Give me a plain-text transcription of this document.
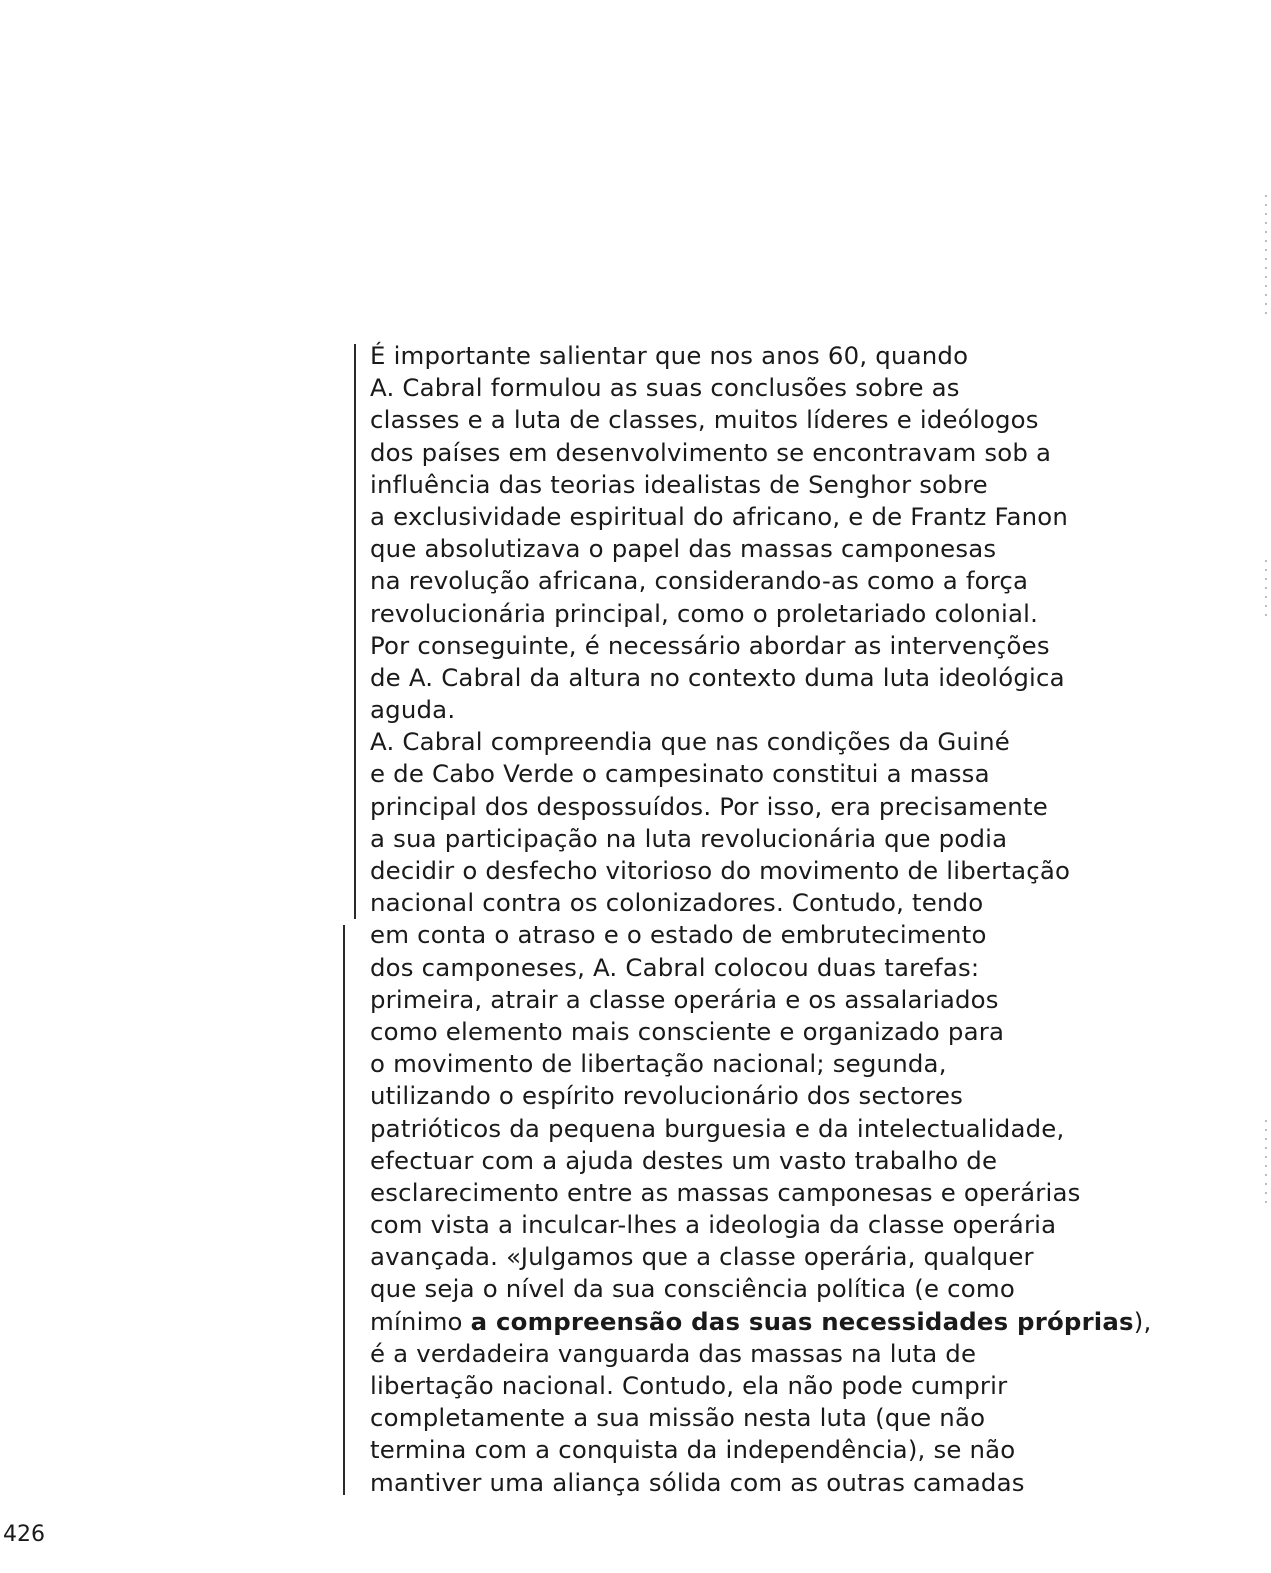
É importante salientar que nos anos 60, quando
A. Cabral formulou as suas conclusões sobre as
classes e a luta de classes, muitos líderes e ideólogos
dos países em desenvolvimento se encontravam sob a
influência das teorias idealistas de Senghor sobre
a exclusividade espiritual do africano, e de Frantz Fanon
que absolutizava o papel das massas camponesas
na revolução africana, considerando-as como a força
revolucionária principal, como o proletariado colonial.
Por conseguinte, é necessário abordar as intervenções
de A. Cabral da altura no contexto duma luta ideológica
aguda.
A. Cabral compreendia que nas condições da Guiné
e de Cabo Verde o campesinato constitui a massa
principal dos despossuídos. Por isso, era precisamente
a sua participação na luta revolucionária que podia
decidir o desfecho vitorioso do movimento de libertação
nacional contra os colonizadores. Contudo, tendo
em conta o atraso e o estado de embrutecimento
dos camponeses, A. Cabral colocou duas tarefas:
primeira, atrair a classe operária e os assalariados
como elemento mais consciente e organizado para
o movimento de libertação nacional; segunda,
utilizando o espírito revolucionário dos sectores
patrióticos da pequena burguesia e da intelectualidade,
efectuar com a ajuda destes um vasto trabalho de
esclarecimento entre as massas camponesas e operárias
com vista a inculcar-lhes a ideologia da classe operária
avançada. «Julgamos que a classe operária, qualquer
que seja o nível da sua consciência política (e como
mínimo a compreensão das suas necessidades próprias),
é a verdadeira vanguarda das massas na luta de
libertação nacional. Contudo, ela não pode cumprir
completamente a sua missão nesta luta (que não
termina com a conquista da independência), se não
mantiver uma aliança sólida com as outras camadas
426
